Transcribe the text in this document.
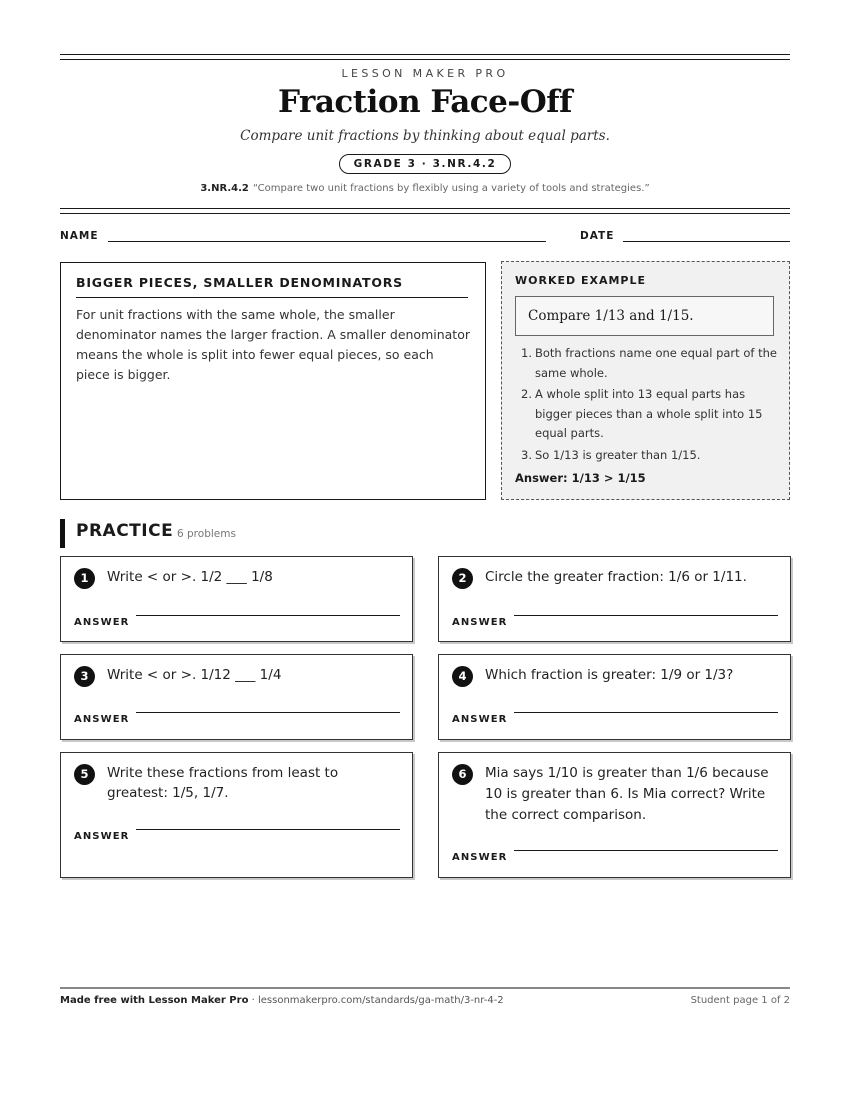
LESSON MAKER PRO
Fraction Face-Off
Compare unit fractions by thinking about equal parts.
GRADE 3 · 3.NR.4.2
3.NR.4.2 “Compare two unit fractions by flexibly using a variety of tools and strategies.”
NAME	DATE
BIGGER PIECES, SMALLER DENOMINATORS
For unit fractions with the same whole, the smaller denominator names the larger fraction. A smaller denominator means the whole is split into fewer equal pieces, so each piece is bigger.
WORKED EXAMPLE
Compare 1/13 and 1/15.
1. Both fractions name one equal part of the same whole.
2. A whole split into 13 equal parts has bigger pieces than a whole split into 15 equal parts.
3. So 1/13 is greater than 1/15.
Answer: 1/13 > 1/15
PRACTICE 6 problems
1	Write < or >. 1/2 ___ 1/8
ANSWER
2	Circle the greater fraction: 1/6 or 1/11.
ANSWER
3	Write < or >. 1/12 ___ 1/4
ANSWER
4	Which fraction is greater: 1/9 or 1/3?
ANSWER
5	Write these fractions from least to greatest: 1/5, 1/7.
ANSWER
6	Mia says 1/10 is greater than 1/6 because 10 is greater than 6. Is Mia correct? Write the correct comparison.
ANSWER
Made free with Lesson Maker Pro · lessonmakerpro.com/standards/ga-math/3-nr-4-2	Student page 1 of 2
